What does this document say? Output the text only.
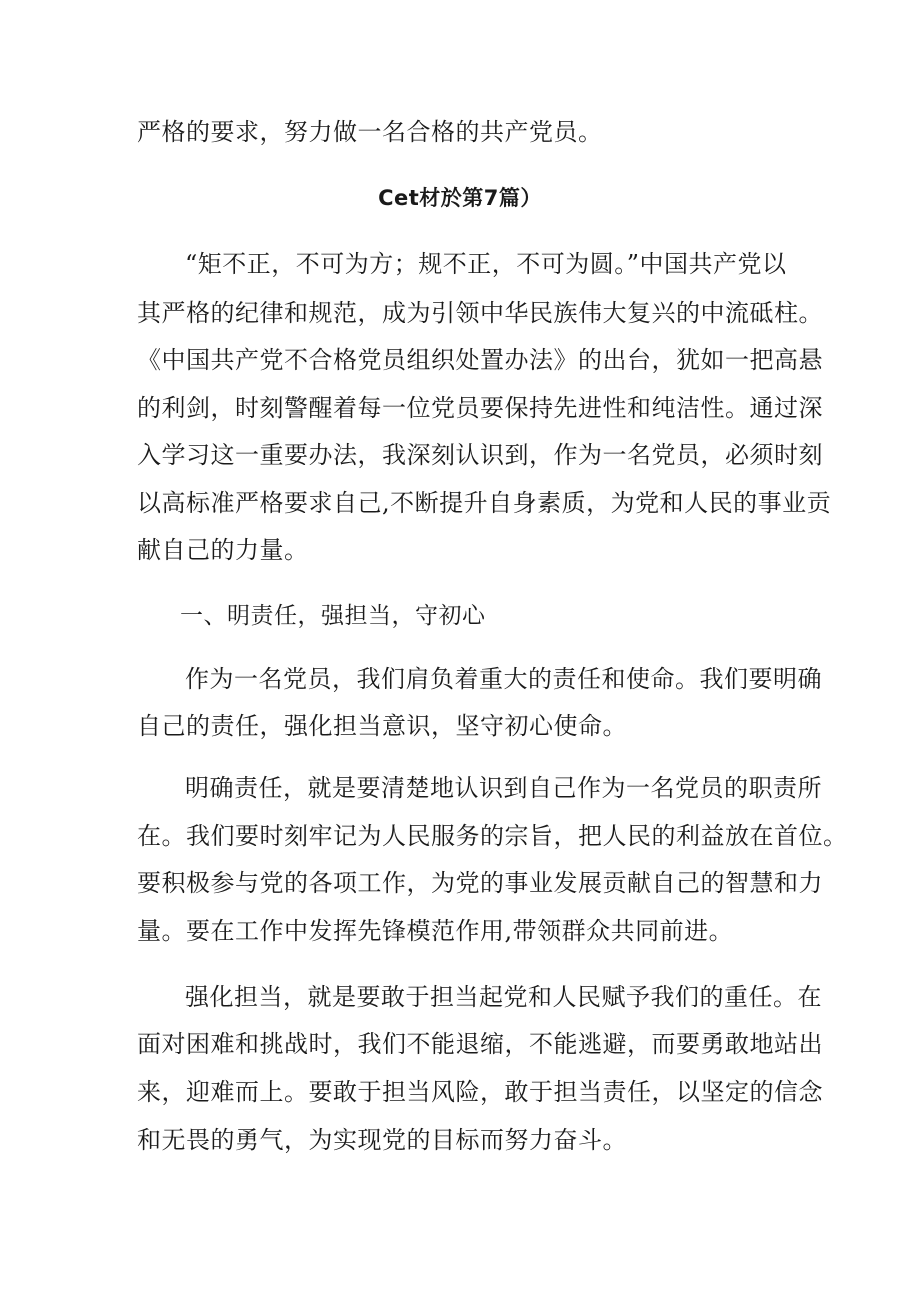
严格的要求，努力做一名合格的共产党员。
Cet材於第7篇）
“矩不正，不可为方；规不正，不可为圆。”中国共产党以
其严格的纪律和规范，成为引领中华民族伟大复兴的中流砥柱。
《中国共产党不合格党员组织处置办法》的出台，犹如一把高悬
的利剑，时刻警醒着每一位党员要保持先进性和纯洁性。通过深
入学习这一重要办法，我深刻认识到，作为一名党员，必须时刻
以高标准严格要求自己,不断提升自身素质，为党和人民的事业贡
献自己的力量。
一、明责任，强担当，守初心
作为一名党员，我们肩负着重大的责任和使命。我们要明确
自己的责任，强化担当意识，坚守初心使命。
明确责任，就是要清楚地认识到自己作为一名党员的职责所
在。我们要时刻牢记为人民服务的宗旨，把人民的利益放在首位。
要积极参与党的各项工作，为党的事业发展贡献自己的智慧和力
量。要在工作中发挥先锋模范作用,带领群众共同前进。
强化担当，就是要敢于担当起党和人民赋予我们的重任。在
面对困难和挑战时，我们不能退缩，不能逃避，而要勇敢地站出
来，迎难而上。要敢于担当风险，敢于担当责任，以坚定的信念
和无畏的勇气，为实现党的目标而努力奋斗。
